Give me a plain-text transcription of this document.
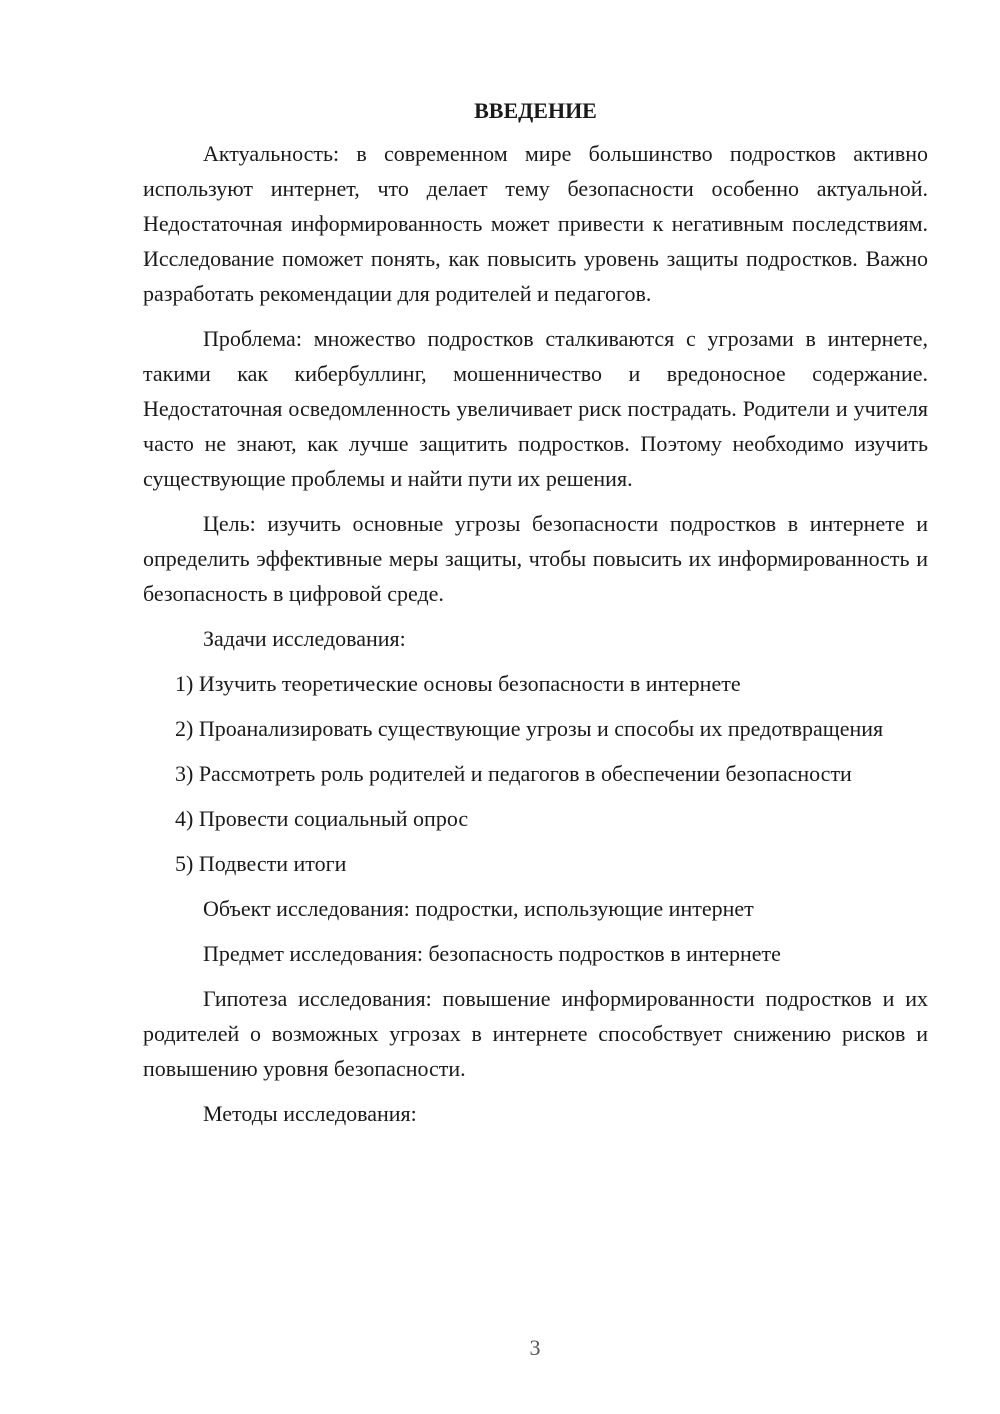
ВВЕДЕНИЕ

Актуальность: в современном мире большинство подростков активно используют интернет, что делает тему безопасности особенно актуальной. Недостаточная информированность может привести к негативным последствиям. Исследование поможет понять, как повысить уровень защиты подростков. Важно разработать рекомендации для родителей и педагогов.

Проблема: множество подростков сталкиваются с угрозами в интернете, такими как кибербуллинг, мошенничество и вредоносное содержание. Недостаточная осведомленность увеличивает риск пострадать. Родители и учителя часто не знают, как лучше защитить подростков. Поэтому необходимо изучить существующие проблемы и найти пути их решения.

Цель: изучить основные угрозы безопасности подростков в интернете и определить эффективные меры защиты, чтобы повысить их информированность и безопасность в цифровой среде.

Задачи исследования:

1) Изучить теоретические основы безопасности в интернете

2) Проанализировать существующие угрозы и способы их предотвращения

3) Рассмотреть роль родителей и педагогов в обеспечении безопасности

4) Провести социальный опрос

5) Подвести итоги

Объект исследования: подростки, использующие интернет

Предмет исследования: безопасность подростков в интернете

Гипотеза исследования: повышение информированности подростков и их родителей о возможных угрозах в интернете способствует снижению рисков и повышению уровня безопасности.

Методы исследования:

3
